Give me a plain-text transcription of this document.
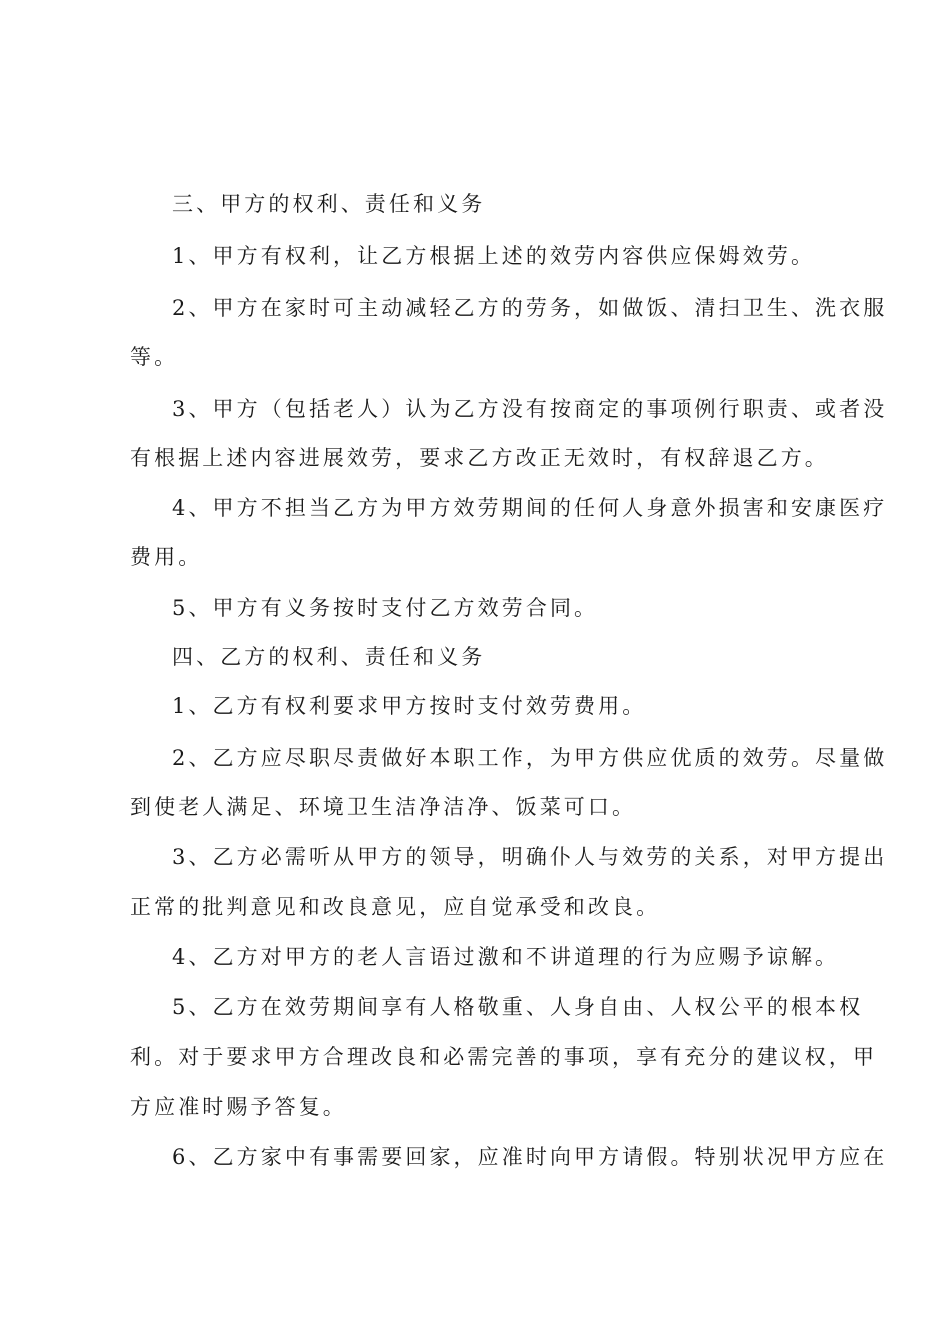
三、甲方的权利、责任和义务
1、甲方有权利，让乙方根据上述的效劳内容供应保姆效劳。
2、甲方在家时可主动减轻乙方的劳务，如做饭、清扫卫生、洗衣服
等。
3、甲方（包括老人）认为乙方没有按商定的事项例行职责、或者没
有根据上述内容进展效劳，要求乙方改正无效时，有权辞退乙方。
4、甲方不担当乙方为甲方效劳期间的任何人身意外损害和安康医疗
费用。
5、甲方有义务按时支付乙方效劳合同。
四、乙方的权利、责任和义务
1、乙方有权利要求甲方按时支付效劳费用。
2、乙方应尽职尽责做好本职工作，为甲方供应优质的效劳。尽量做
到使老人满足、环境卫生洁净洁净、饭菜可口。
3、乙方必需听从甲方的领导，明确仆人与效劳的关系，对甲方提出
正常的批判意见和改良意见，应自觉承受和改良。
4、乙方对甲方的老人言语过激和不讲道理的行为应赐予谅解。
5、乙方在效劳期间享有人格敬重、人身自由、人权公平的根本权
利。对于要求甲方合理改良和必需完善的事项，享有充分的建议权，甲
方应准时赐予答复。
6、乙方家中有事需要回家，应准时向甲方请假。特别状况甲方应在
